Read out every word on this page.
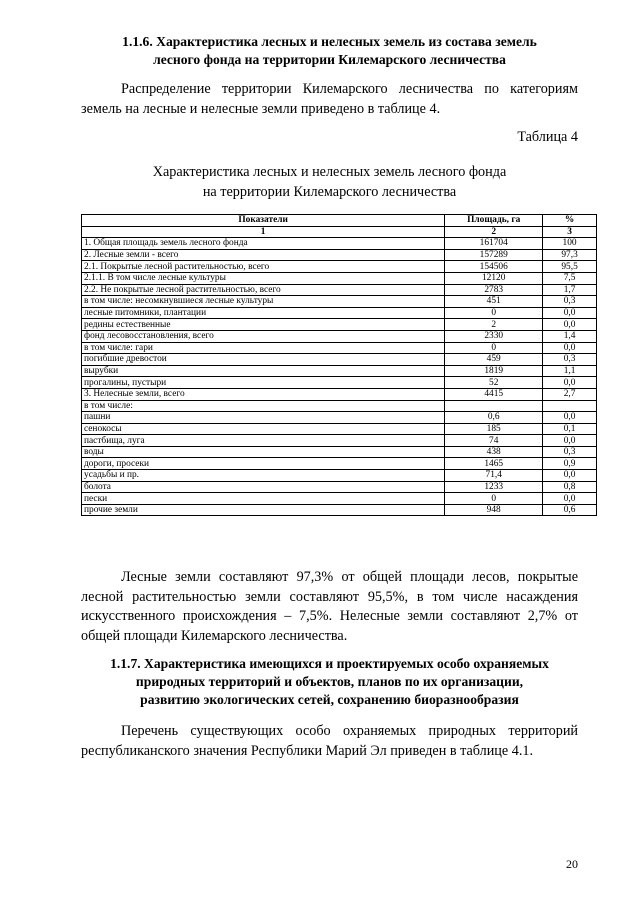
1.1.6. Характеристика лесных и нелесных земель из состава земель
лесного фонда на территории Килемарского лесничества

Распределение территории Килемарского лесничества по категориям земель на лесные и нелесные земли приведено в таблице 4.

Таблица 4
Характеристика лесных и нелесных земель лесного фонда
на территории Килемарского лесничества
Показатели	Площадь, га	%
1	2	3
1. Общая площадь земель лесного фонда	161704	100
2. Лесные земли - всего	157289	97,3
2.1. Покрытые лесной растительностью, всего	154506	95,5
2.1.1. В том числе лесные культуры	12120	7,5
2.2. Не покрытые лесной растительностью, всего	2783	1,7
в том числе: несомкнувшиеся лесные культуры	451	0,3
лесные питомники, плантации	0	0,0
редины естественные	2	0,0
фонд лесовосстановления, всего	2330	1,4
в том числе: гари	0	0,0
погибшие древостои	459	0,3
вырубки	1819	1,1
прогалины, пустыри	52	0,0
3. Нелесные земли, всего	4415	2,7
в том числе:		
пашни	0,6	0,0
сенокосы	185	0,1
пастбища, луга	74	0,0
воды	438	0,3
дороги, просеки	1465	0,9
усадьбы и пр.	71,4	0,0
болота	1233	0,8
пески	0	0,0
прочие земли	948	0,6

Лесные земли составляют 97,3% от общей площади лесов, покрытые лесной растительностью земли составляют 95,5%, в том числе насаждения искусственного происхождения – 7,5%. Нелесные земли составляют 2,7% от общей площади Килемарского лесничества.

1.1.7. Характеристика имеющихся и проектируемых особо охраняемых
природных территорий и объектов, планов по их организации,
развитию экологических сетей, сохранению биоразнообразия

Перечень существующих особо охраняемых природных территорий республиканского значения Республики Марий Эл приведен в таблице 4.1.

20
